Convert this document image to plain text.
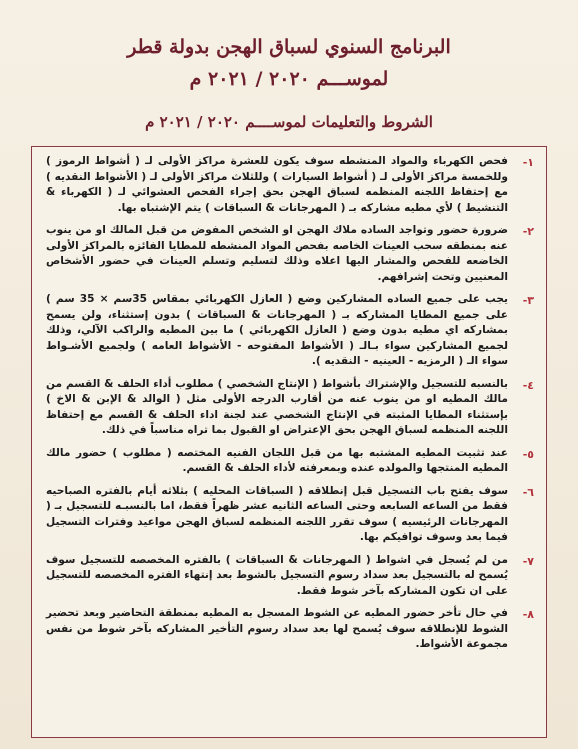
البرنامج السنوي لسباق الهجن بدولة قطر
لموســـم ٢٠٢٠ / ٢٠٢١ م
الشروط والتعليمات لموســــم ٢٠٢٠ / ٢٠٢١ م
١-
فحص الكهرباء والمواد المنشطه سوف يكون للعشرة مراكز الأولى لـ ( أشواط الرموز ) وللخمسة مراكز الأولى لـ ( أشواط السيارات ) وللثلاث مراكز الأولى لـ ( الأشواط النقديه ) مع إحتفاظ اللجنه المنظمه لسباق الهجن بحق إجراء الفحص العشوائي لـ ( الكهرباء & التنشيط ) لأي مطيه مشاركه بـ ( المهرجانات & السباقات ) يتم الإشتباه بها.
٢-
ضرورة حضور وتواجد الساده ملاك الهجن او الشخص المفوض من قبل المالك او من ينوب عنه بمنطقه سحب العينات الخاصه بفحص المواد المنشطه للمطايا الفائزه بالمراكز الأولى الخاضعه للفحص والمشار اليها اعلاه وذلك لتسليم وتسلم العينات في حضور الأشخاص المعنيين وتحت إشرافهم.
٣-
يجب على جميع الساده المشاركين وضع ( العازل الكهربائي بمقاس 35سم × 35 سم ) على جميع المطايا المشاركه بـ ( المهرجانات & السباقات ) بدون إستثناء، ولن يسمح بمشاركه اي مطيه بدون وضع ( العازل الكهربائي ) ما بين المطيه والراكب الآلي، وذلك لجميع المشاركين سواء بـالـ ( الأشواط المفتوحه - الأشواط العامه ) ولجميع الأشـواط سواء الـ ( الرمزيه - العينيه - النقديه ).
٤-
بالنسبه للتسجيل والإشتراك بأشواط ( الإنتاج الشخصي ) مطلوب أداء الحلف & القسم من مالك المطيه او من ينوب عنه من أقارب الدرجه الأولى مثل ( الوالد & الإبن & الاخ ) بإستثناء المطايا المثبته في الإنتاج الشخصي عند لجنة اداء الحلف & القسم مع إحتفاظ اللجنه المنظمه لسباق الهجن بحق الإعتراض او القبول بما تراه مناسباً في ذلك.
٥-
عند تثبيت المطيه المشتبه بها من قبل اللجان الفنيه المختصه ( مطلوب ) حضور مالك المطيه المنتجها والمولده عنده وبمعرفته لأداء الحلف & القسم.
٦-
سوف يفتح باب التسجيل قبل إنطلاقه ( السباقات المحليه ) بثلاثه أيام بالفتره الصباحيه فقط من الساعه السابعه وحتى الساعه الثانيه عشر ظهراً فقط، اما بالنسبـه للتسجيل بـ ( المهرجانات الرئيسيه ) سوف تقرر اللجنه المنظمه لسباق الهجن مواعيد وفترات التسجيل فيما بعد وسوف توافيكم بها.
٧-
من لم يُسجل في اشواط ( المهرجانات & السباقات ) بالفتره المخصصه للتسجيل سوف يُسمح له بالتسجيل بعد سداد رسوم التسجيل بالشوط بعد إنتهاء الفتره المخصصه للتسجيل على ان تكون المشاركه بآخر شوط فقط.
٨-
في حال تأخر حضور المطيه عن الشوط المسجل به المطيه بمنطقة التحاضير وبعد تحضير الشوط للإنطلاقه سوف يُسمح لها بعد سداد رسوم التأخير المشاركه بآخر شوط من نفس مجموعة الأشواط.
